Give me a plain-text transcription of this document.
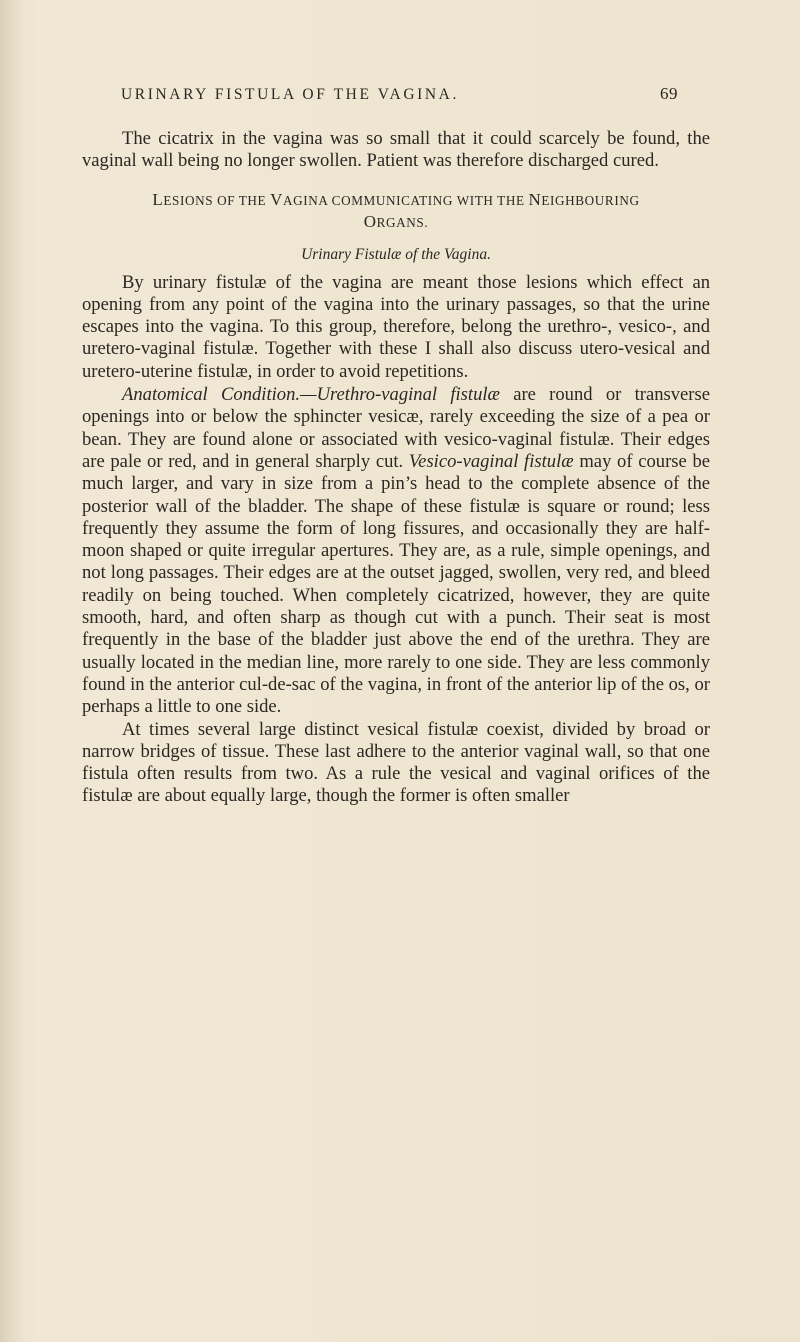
URINARY FISTULA OF THE VAGINA.	69

The cicatrix in the vagina was so small that it could scarcely be found, the vaginal wall being no longer swollen. Patient was therefore discharged cured.

LESIONS OF THE VAGINA COMMUNICATING WITH THE NEIGHBOURING
ORGANS.
Urinary Fistulæ of the Vagina.

By urinary fistulæ of the vagina are meant those lesions which effect an opening from any point of the vagina into the urinary passages, so that the urine escapes into the vagina. To this group, therefore, belong the urethro-, vesico-, and uretero-vaginal fistulæ. Together with these I shall also discuss utero-vesical and uretero-uterine fistulæ, in order to avoid repetitions.

Anatomical Condition.—Urethro-vaginal fistulæ are round or transverse openings into or below the sphincter vesicæ, rarely exceeding the size of a pea or bean. They are found alone or associated with vesico-vaginal fistulæ. Their edges are pale or red, and in general sharply cut. Vesico-vaginal fistulæ may of course be much larger, and vary in size from a pin’s head to the complete absence of the posterior wall of the bladder. The shape of these fistulæ is square or round; less frequently they assume the form of long fissures, and occasionally they are half-moon shaped or quite irregular apertures. They are, as a rule, simple openings, and not long passages. Their edges are at the outset jagged, swollen, very red, and bleed readily on being touched. When completely cicatrized, however, they are quite smooth, hard, and often sharp as though cut with a punch. Their seat is most frequently in the base of the bladder just above the end of the urethra. They are usually located in the median line, more rarely to one side. They are less commonly found in the anterior cul-de-sac of the vagina, in front of the anterior lip of the os, or perhaps a little to one side.

At times several large distinct vesical fistulæ coexist, divided by broad or narrow bridges of tissue. These last adhere to the anterior vaginal wall, so that one fistula often results from two. As a rule the vesical and vaginal orifices of the fistulæ are about equally large, though the former is often smaller
